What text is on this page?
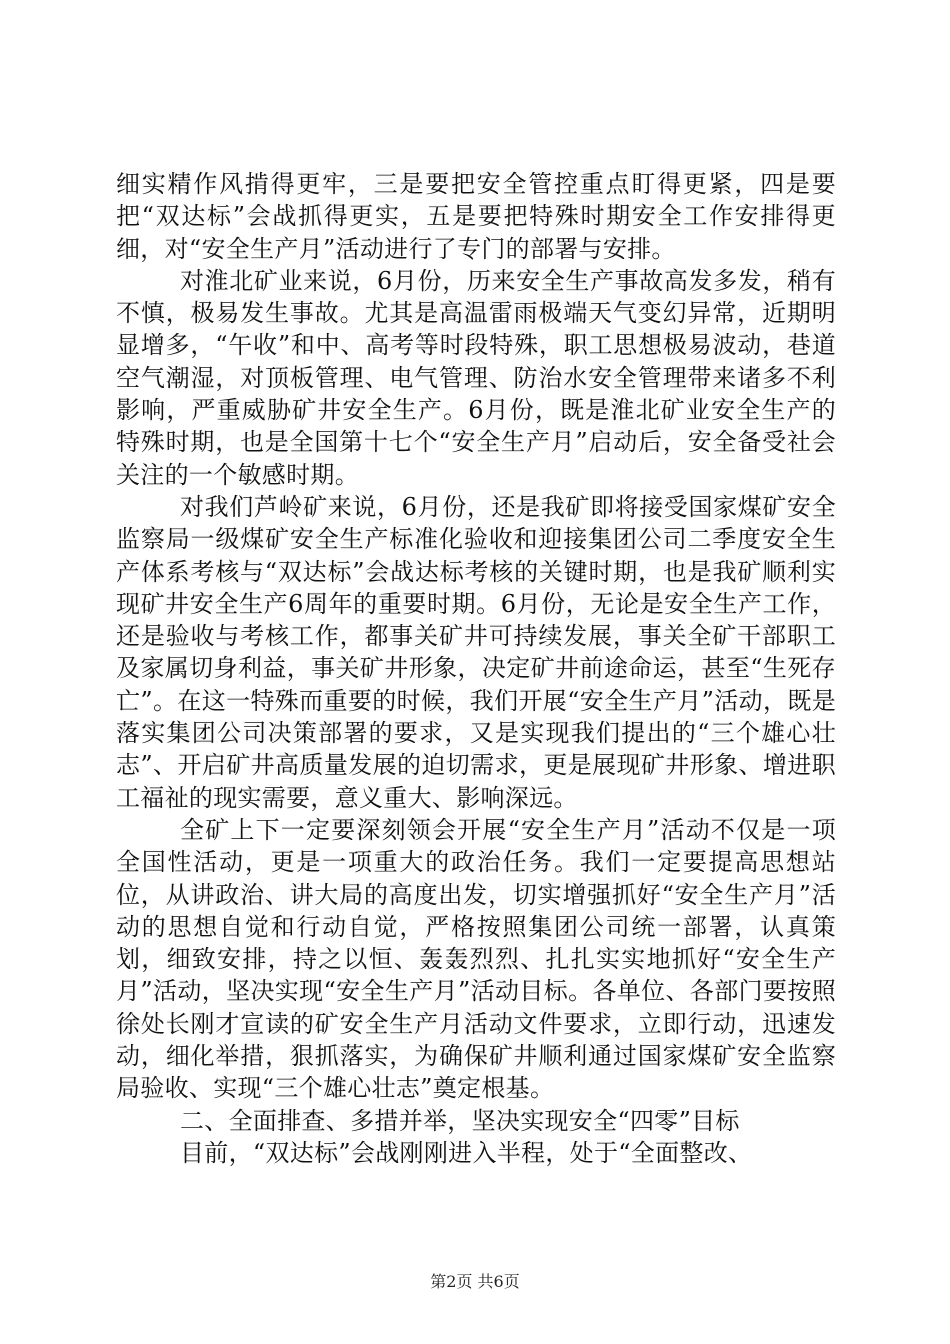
细实精作风掯得更牢，三是要把安全管控重点盯得更紧，四是要把“双达标”会战抓得更实，五是要把特殊时期安全工作安排得更细，对“安全生产月”活动进行了专门的部署与安排。

对淮北矿业来说，6月份，历来安全生产事故高发多发，稍有不慎，极易发生事故。尤其是高温雷雨极端天气变幻异常，近期明显增多，“午收”和中、高考等时段特殊，职工思想极易波动，巷道空气潮湿，对顶板管理、电气管理、防治水安全管理带来诸多不利影响，严重威胁矿井安全生产。6月份，既是淮北矿业安全生产的特殊时期，也是全国第十七个“安全生产月”启动后，安全备受社会关注的一个敏感时期。

对我们芦岭矿来说，6月份，还是我矿即将接受国家煤矿安全监察局一级煤矿安全生产标准化验收和迎接集团公司二季度安全生产体系考核与“双达标”会战达标考核的关键时期，也是我矿顺利实现矿井安全生产6周年的重要时期。6月份，无论是安全生产工作，还是验收与考核工作，都事关矿井可持续发展，事关全矿干部职工及家属切身利益，事关矿井形象，决定矿井前途命运，甚至“生死存亡”。在这一特殊而重要的时候，我们开展“安全生产月”活动，既是落实集团公司决策部署的要求，又是实现我们提出的“三个雄心壮志”、开启矿井高质量发展的迫切需求，更是展现矿井形象、增进职工福祉的现实需要，意义重大、影响深远。

全矿上下一定要深刻领会开展“安全生产月”活动不仅是一项全国性活动，更是一项重大的政治任务。我们一定要提高思想站位，从讲政治、讲大局的高度出发，切实增强抓好“安全生产月”活动的思想自觉和行动自觉，严格按照集团公司统一部署，认真策划，细致安排，持之以恒、轰轰烈烈、扎扎实实地抓好“安全生产月”活动，坚决实现“安全生产月”活动目标。各单位、各部门要按照徐处长刚才宣读的矿安全生产月活动文件要求，立即行动，迅速发动，细化举措，狠抓落实，为确保矿井顺利通过国家煤矿安全监察局验收、实现“三个雄心壮志”奠定根基。

二、全面排查、多措并举，坚决实现安全“四零”目标

目前，“双达标”会战刚刚进入半程，处于“全面整改、

第2页 共6页
